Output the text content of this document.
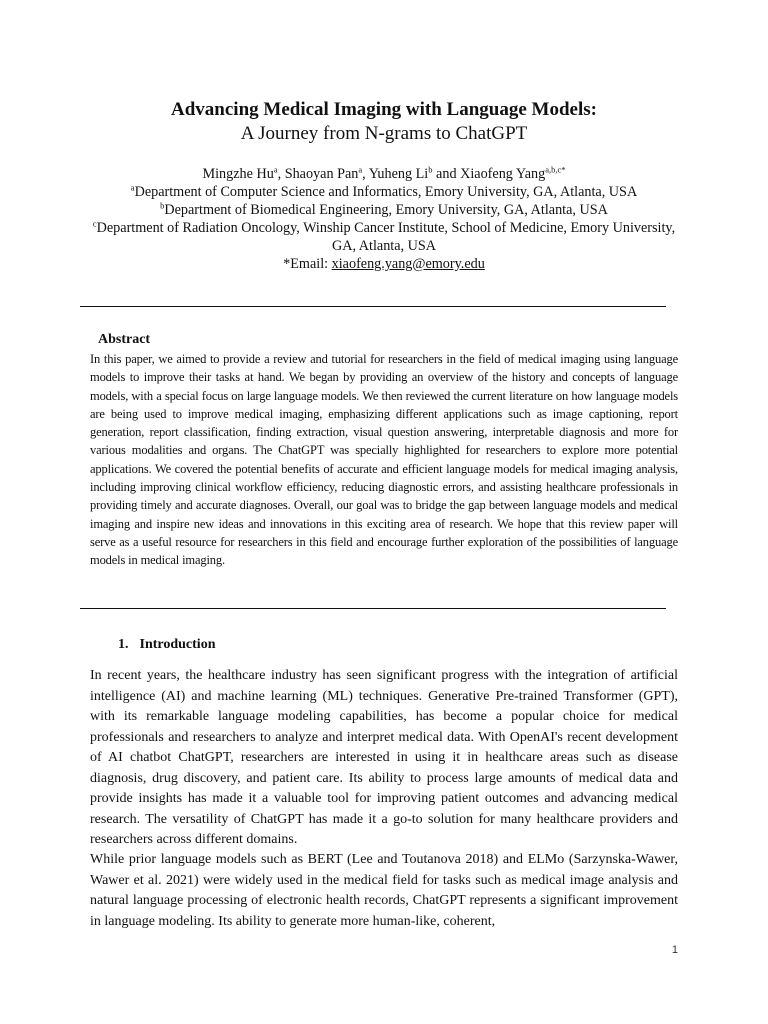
Advancing Medical Imaging with Language Models:
A Journey from N-grams to ChatGPT
Mingzhe Hu$^a$, Shaoyan Pan$^a$, Yuheng Li$^b$ and Xiaofeng Yang$^{a,b,c*}$
$^a$Department of Computer Science and Informatics, Emory University, GA, Atlanta, USA
$^b$Department of Biomedical Engineering, Emory University, GA, Atlanta, USA
$^c$Department of Radiation Oncology, Winship Cancer Institute, School of Medicine, Emory University, GA, Atlanta, USA
*Email: xiaofeng.yang@emory.edu
Abstract
In this paper, we aimed to provide a review and tutorial for researchers in the field of medical imaging using language models to improve their tasks at hand. We began by providing an overview of the history and concepts of language models, with a special focus on large language models. We then reviewed the current literature on how language models are being used to improve medical imaging, emphasizing different applications such as image captioning, report generation, report classification, finding extraction, visual question answering, interpretable diagnosis and more for various modalities and organs. The ChatGPT was specially highlighted for researchers to explore more potential applications. We covered the potential benefits of accurate and efficient language models for medical imaging analysis, including improving clinical workflow efficiency, reducing diagnostic errors, and assisting healthcare professionals in providing timely and accurate diagnoses. Overall, our goal was to bridge the gap between language models and medical imaging and inspire new ideas and innovations in this exciting area of research. We hope that this review paper will serve as a useful resource for researchers in this field and encourage further exploration of the possibilities of language models in medical imaging.
1. Introduction

In recent years, the healthcare industry has seen significant progress with the integration of artificial intelligence (AI) and machine learning (ML) techniques. Generative Pre-trained Transformer (GPT), with its remarkable language modeling capabilities, has become a popular choice for medical professionals and researchers to analyze and interpret medical data. With OpenAI's recent development of AI chatbot ChatGPT, researchers are interested in using it in healthcare areas such as disease diagnosis, drug discovery, and patient care. Its ability to process large amounts of medical data and provide insights has made it a valuable tool for improving patient outcomes and advancing medical research. The versatility of ChatGPT has made it a go-to solution for many healthcare providers and researchers across different domains.

While prior language models such as BERT (Lee and Toutanova 2018) and ELMo (Sarzynska-Wawer, Wawer et al. 2021) were widely used in the medical field for tasks such as medical image analysis and natural language processing of electronic health records, ChatGPT represents a significant improvement in language modeling. Its ability to generate more human-like, coherent,

1
